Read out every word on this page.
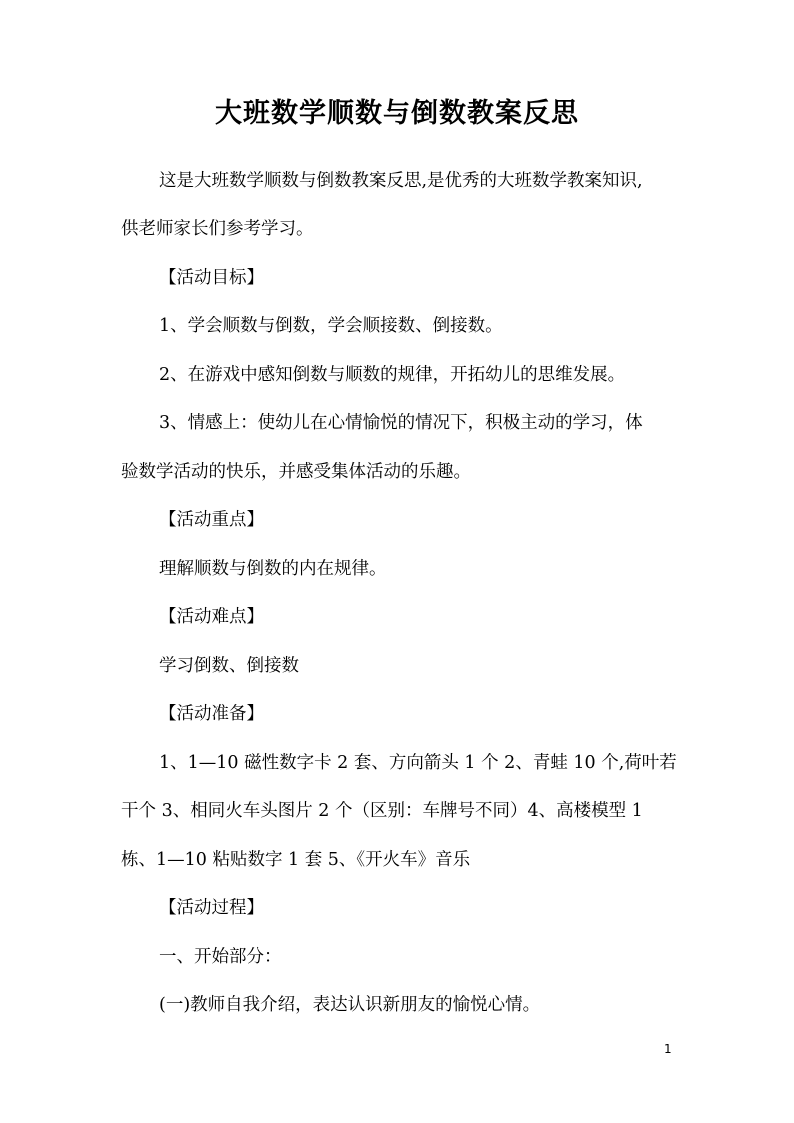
大班数学顺数与倒数教案反思

这是大班数学顺数与倒数教案反思,是优秀的大班数学教案知识,

供老师家长们参考学习。

【活动目标】

1、学会顺数与倒数，学会顺接数、倒接数。

2、在游戏中感知倒数与顺数的规律，开拓幼儿的思维发展。

3、情感上：使幼儿在心情愉悦的情况下，积极主动的学习，体

验数学活动的快乐，并感受集体活动的乐趣。

【活动重点】

理解顺数与倒数的内在规律。

【活动难点】

学习倒数、倒接数

【活动准备】

1、1—10 磁性数字卡 2 套、方向箭头 1 个 2、青蛙 10 个,荷叶若

干个 3、相同火车头图片 2 个（区别：车牌号不同）4、高楼模型 1

栋、1—10 粘贴数字 1 套 5、《开火车》音乐

【活动过程】

一、开始部分：

(一)教师自我介绍，表达认识新朋友的愉悦心情。

1
